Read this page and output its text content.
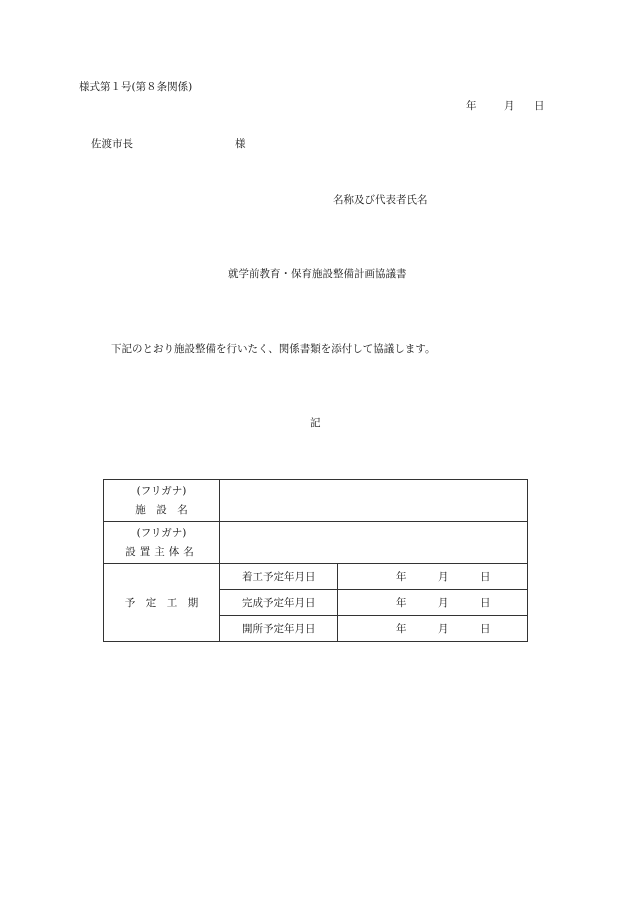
様式第１号(第８条関係)
年	月 日
佐渡市長	様
名称及び代表者氏名
就学前教育・保育施設整備計画協議書
下記のとおり施設整備を行いたく、関係書類を添付して協議します。
記
(フリガナ)
施　設　名		

(フリガナ)
設置主体名		

予　定　工　期	着工予定年月日	年 月 日
	完成予定年月日	年 月 日
	開所予定年月日	年 月 日
